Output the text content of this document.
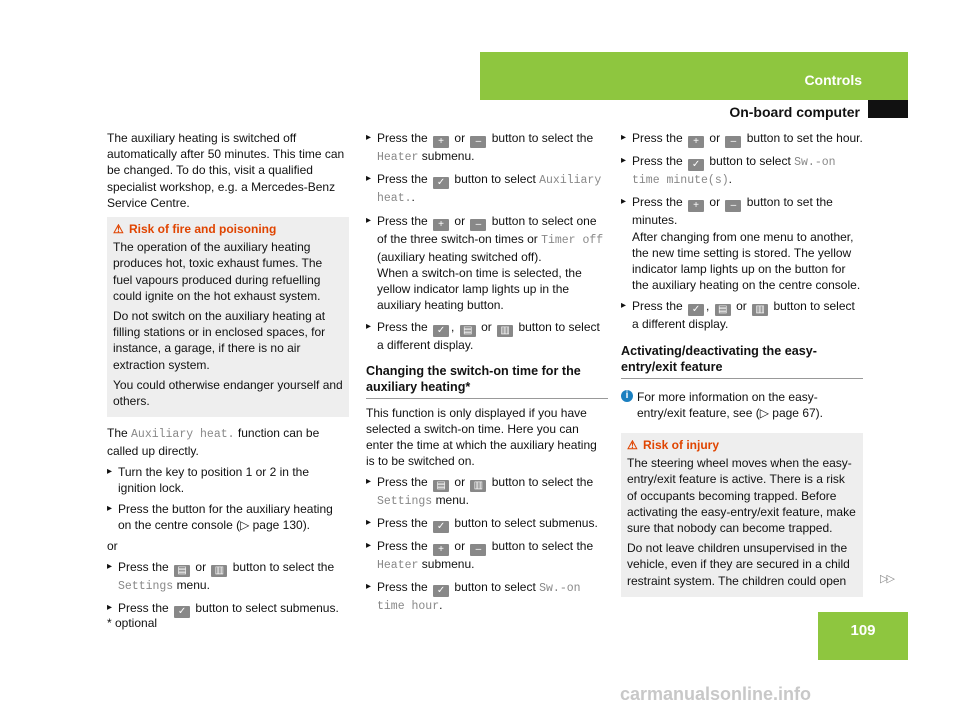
Controls
On-board computer

The auxiliary heating is switched off automatically after 50 minutes. This time can be changed. To do this, visit a qualified specialist workshop, e.g. a Mercedes-Benz Service Centre.

⚠ Risk of fire and poisoning

The operation of the auxiliary heating produces hot, toxic exhaust fumes. The fuel vapours produced during refuelling could ignite on the hot exhaust system.

Do not switch on the auxiliary heating at filling stations or in enclosed spaces, for instance, a garage, if there is no air extraction system.

You could otherwise endanger yourself and others.

The Auxiliary heat. function can be called up directly.

▸ Turn the key to position 1 or 2 in the ignition lock.
▸ Press the button for the auxiliary heating on the centre console (▷ page 130).

or

▸ Press the ▤ or ▥ button to select the Settings menu.
▸ Press the ✓ button to select submenus.
▸ Press the + or – button to select the Heater submenu.
▸ Press the ✓ button to select Auxiliary heat..
▸ Press the + or – button to select one of the three switch-on times or Timer off (auxiliary heating switched off).
When a switch-on time is selected, the yellow indicator lamp lights up in the auxiliary heating button.
▸ Press the ✓ , ▤ or ▥ button to select a different display.
Changing the switch-on time for the auxiliary heating*

This function is only displayed if you have selected a switch-on time. Here you can enter the time at which the auxiliary heating is to be switched on.

▸ Press the ▤ or ▥ button to select the Settings menu.
▸ Press the ✓ button to select submenus.
▸ Press the + or – button to select the Heater submenu.
▸ Press the ✓ button to select Sw.-on time hour.
▸ Press the + or – button to set the hour.
▸ Press the ✓ button to select Sw.-on time minute(s).
▸ Press the + or – button to set the minutes.
After changing from one menu to another, the new time setting is stored. The yellow indicator lamp lights up on the button for the auxiliary heating on the centre console.
▸ Press the ✓ , ▤ or ▥ button to select a different display.
Activating/deactivating the easy-entry/exit feature
i For more information on the easy-entry/exit feature, see (▷ page 67).
⚠ Risk of injury

The steering wheel moves when the easy-entry/exit feature is active. There is a risk of occupants becoming trapped. Before activating the easy-entry/exit feature, make sure that nobody can become trapped.

Do not leave children unsupervised in the vehicle, even if they are secured in a child restraint system. The children could open	▷▷
* optional	109
carmanualsonline.info
